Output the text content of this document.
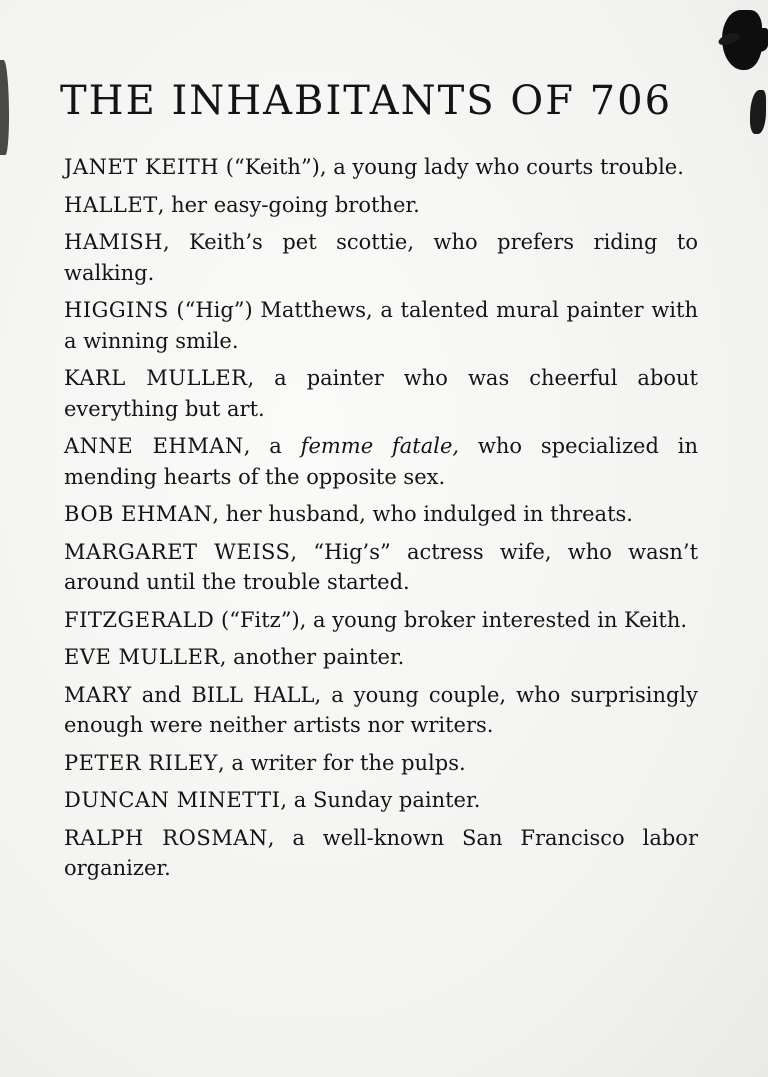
THE INHABITANTS OF 706
JANET KEITH (“Keith”), a young lady who courts trouble.
HALLET, her easy-going brother.
HAMISH, Keith’s pet scottie, who prefers riding to walking.
HIGGINS (“Hig”) Matthews, a talented mural painter with a winning smile.
KARL MULLER, a painter who was cheerful about everything but art.
ANNE EHMAN, a femme fatale, who specialized in mending hearts of the opposite sex.
BOB EHMAN, her husband, who indulged in threats.
MARGARET WEISS, “Hig’s” actress wife, who wasn’t around until the trouble started.
FITZGERALD (“Fitz”), a young broker interested in Keith.
EVE MULLER, another painter.
MARY and BILL HALL, a young couple, who surprisingly enough were neither artists nor writers.
PETER RILEY, a writer for the pulps.
DUNCAN MINETTI, a Sunday painter.
RALPH ROSMAN, a well-known San Francisco labor organizer.
